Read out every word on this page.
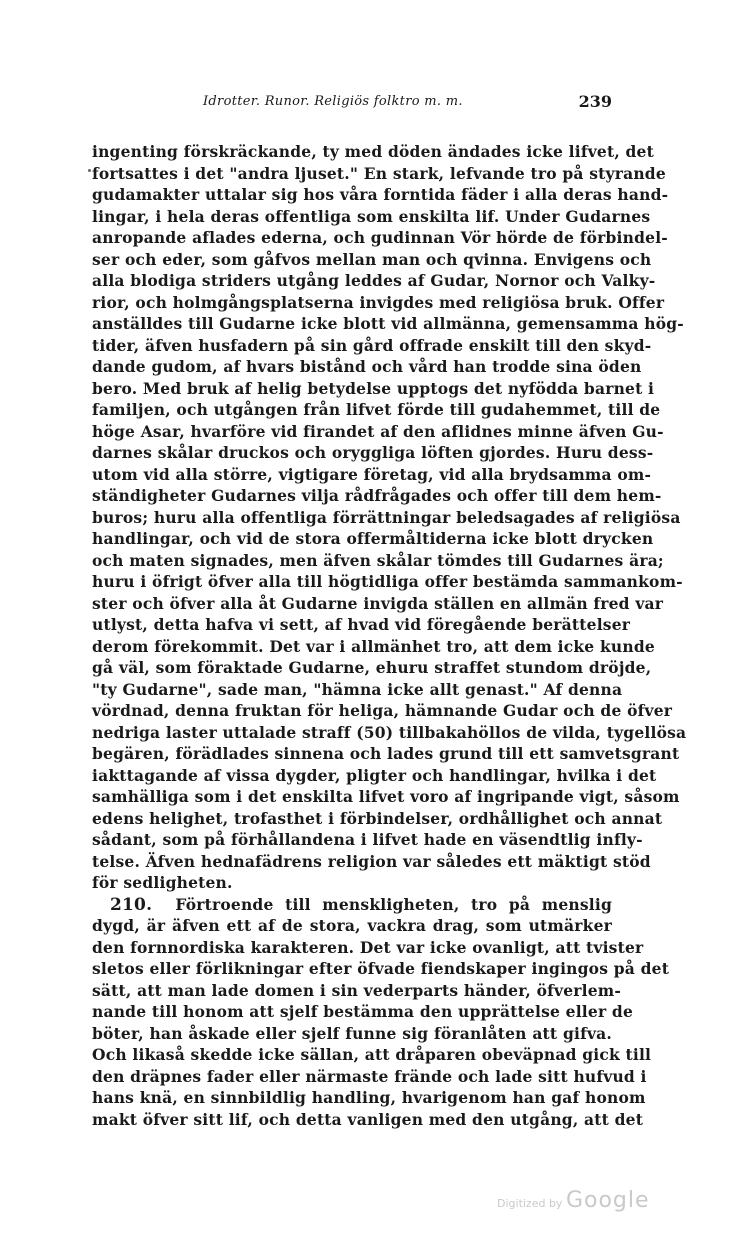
Idrotter. Runor. Religiös folktro m. m.	239
ingenting förskräckande, ty med döden ändades icke lifvet, det
fortsattes i det "andra ljuset." En stark, lefvande tro på styrande
gudamakter uttalar sig hos våra forntida fäder i alla deras hand-
lingar, i hela deras offentliga som enskilta lif. Under Gudarnes
anropande aflades ederna, och gudinnan Vör hörde de förbindel-
ser och eder, som gåfvos mellan man och qvinna. Envigens och
alla blodiga striders utgång leddes af Gudar, Nornor och Valky-
rior, och holmgångsplatserna invigdes med religiösa bruk. Offer
anställdes till Gudarne icke blott vid allmänna, gemensamma hög-
tider, äfven husfadern på sin gård offrade enskilt till den skyd-
dande gudom, af hvars bistånd och vård han trodde sina öden
bero. Med bruk af helig betydelse upptogs det nyfödda barnet i
familjen, och utgången från lifvet förde till gudahemmet, till de
höge Asar, hvarföre vid firandet af den aflidnes minne äfven Gu-
darnes skålar druckos och oryggliga löften gjordes. Huru dess-
utom vid alla större, vigtigare företag, vid alla brydsamma om-
ständigheter Gudarnes vilja rådfrågades och offer till dem hem-
buros; huru alla offentliga förrättningar beledsagades af religiösa
handlingar, och vid de stora offermåltiderna icke blott drycken
och maten signades, men äfven skålar tömdes till Gudarnes ära;
huru i öfrigt öfver alla till högtidliga offer bestämda sammankom-
ster och öfver alla åt Gudarne invigda ställen en allmän fred var
utlyst, detta hafva vi sett, af hvad vid föregående berättelser
derom förekommit. Det var i allmänhet tro, att dem icke kunde
gå väl, som föraktade Gudarne, ehuru straffet stundom dröjde,
"ty Gudarne", sade man, "hämna icke allt genast." Af denna
vördnad, denna fruktan för heliga, hämnande Gudar och de öfver
nedriga laster uttalade straff (50) tillbakahöllos de vilda, tygellösa
begären, förädlades sinnena och lades grund till ett samvetsgrant
iakttagande af vissa dygder, pligter och handlingar, hvilka i det
samhälliga som i det enskilta lifvet voro af ingripande vigt, såsom
edens helighet, trofasthet i förbindelser, ordhållighet och annat
sådant, som på förhållandena i lifvet hade en väsendtlig infly-
telse. Äfven hednafädrens religion var således ett mäktigt stöd
för sedligheten.
210. Förtroende till menskligheten, tro på menslig
dygd, är äfven ett af de stora, vackra drag, som utmärker
den fornnordiska karakteren. Det var icke ovanligt, att tvister
sletos eller förlikningar efter öfvade fiendskaper ingingos på det
sätt, att man lade domen i sin vederparts händer, öfverlem-
nande till honom att sjelf bestämma den upprättelse eller de
böter, han åskade eller sjelf funne sig föranlåten att gifva.
Och likaså skedde icke sällan, att dråparen obeväpnad gick till
den dräpnes fader eller närmaste frände och lade sitt hufvud i
hans knä, en sinnbildlig handling, hvarigenom han gaf honom
makt öfver sitt lif, och detta vanligen med den utgång, att det
Digitized by Google
